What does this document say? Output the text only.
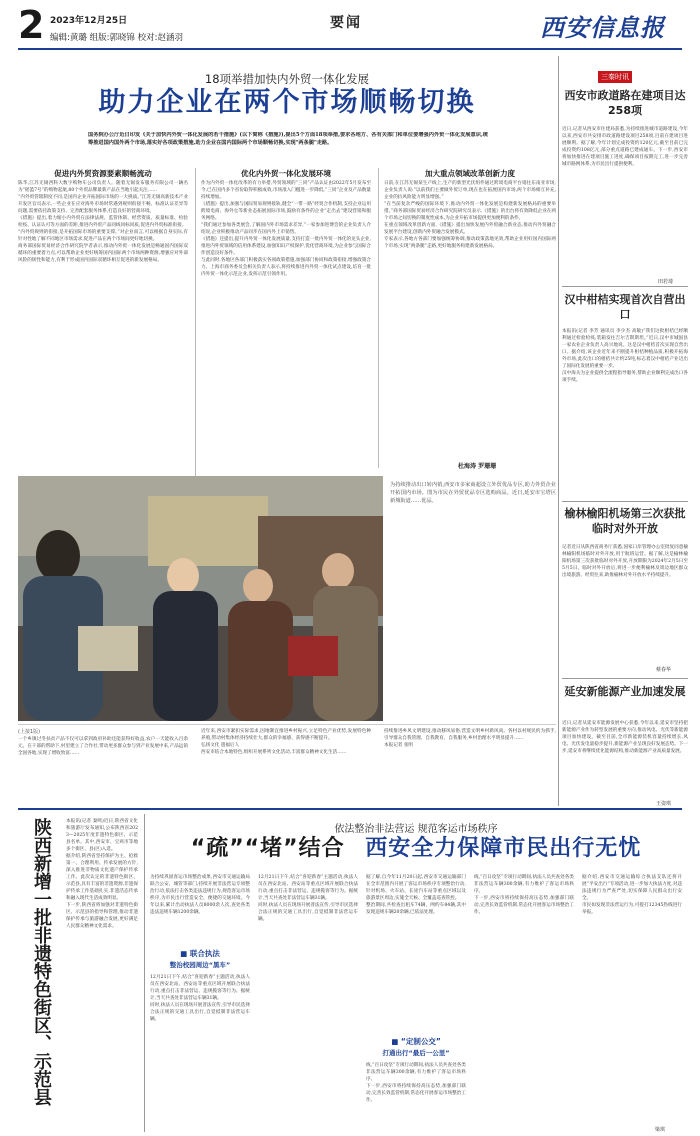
2 2023年12月25日
编辑:黄璐 组版:郭晓锦 校对:赵涵羽
要闻	西安信息报
18项举措加快内外贸一体化发展
助力企业在两个市场顺畅切换
国务院办公厅近日印发《关于加快内外贸一体化发展的若干措施》(以下简称《措施》),提出5个方面18项举措,要求各地方、各有关部门和单位要增强内外贸一体化发展意识,统筹推进国内国外两个市场,落实好各项政策措施,助力企业在国内国际两个市场顺畅切换,实现"两条腿"走路。
促进内外贸资源要素顺畅流动	优化内外贸一体化发展环境	加大重点领域改革创新力度
陈华,江苏无锡西科大数字购物车公司负责人。随着无锡发布服务有限公司一辆名为“摇篮7号”的购物起航,80个外贸品牌最新产品在当地引起关注……
“内外贸管辖制度不同,是国内企业开拓国际市场的一大挑战。”江苏无锡高新技术产业开发区官员表示,一些企业在应对海外市场时常遇到规则衔接不畅、标准认证差异等问题,需要依托政策支持、完善配套服务体系,打造良好的营商环境。
《措施》提出,着力缩小内外贸在法律法规、监管体制、经营资质、质量标准、检验检疫、认证认可等方面的差距,推进内外贸产品同线同标同质,促进内外贸标准衔接。
“内外贸规则的衔接,是开拓国际市场的重要支撑。”对企业而言,可以根据自身实际,有针对性地了解不同地区市场需求,促进产品在两个市场间更好地切换。
商务部国际贸易经济合作研究院学者表示,推动内外贸一体化发展是畅通国内国际双循环的重要着力点,可以帮助企业更好统筹国内国际两个市场两种资源,增强应对外部风险的韧性和能力,有利于形成国内国际双循环相互促进的新发展格局。
作为内外贸一体化改革的有力举措,外贸领域的“三同”产品认证由2022年5月发布至今,已在国内多个省份取得积极成效,市场准入门槛进一步降低,“三同”企业及产品数量持续增加。
《措施》提出,加强与国际贸易规则接轨,健全“一带一路”经贸合作机制,支持企业运用跨境电商、海外仓等新业态拓展国际市场,鼓励有条件的企业“走出去”建设营销和服务网络。
“我们通过参加各类展会,了解国内外市场需求差异,”一家参加进博会的企业负责人介绍说,企业积极推动产品同步在国内外上市销售。
《措施》还提出,提升内外贸一体化发展质量,支持打造一批内外贸一体化的龙头企业,推进内外贸领域的信用体系建设,加强知识产权保护,优化营商环境,为企业参与国际合作创造良好条件。
与此同时,各地区各部门积极落实各项政策措施,加强部门协同和政策衔接,增强政策合力。上海市商务委员会相关负责人表示,将持续推进内外贸一体化试点建设,培育一批内外贸一体化示范企业,发挥示范引领作用。
日前,在江苏无锡某生产线上,生产的新型光伏组件通过跨境电商平台销往东南亚市场,企业负责人说:“以前我们主要做外贸订单,现在也在拓展国内市场,两个市场相互补充,企业的抗风险能力明显增强。”
“在当前复杂严峻的国际环境下,推动内外贸一体化发展是构建新发展格局的重要举措。”商务部国际贸易经济合作研究院研究员表示,《措施》的出台将有效降低企业在两个市场之间切换的制度性成本,为企业开拓市场提供更加便利的条件。
在重点领域改革创新方面,《措施》提出加快发展内外贸融合新业态,推动内外贸融合发展平台建设,创新内外贸融合发展模式。
专家表示,各地方各部门要加强统筹协调,推动政策落地见效,帮助企业用好国内国际两个市场,实现“两条腿”走路,更好地服务构建新发展格局。
杜海涛 罗珊珊
为持续推动出口转内销,西安市多家商超设立外贸优品专区,助力外贸企业开拓国内市场。图为市民在外贸优品专区选购商品。近日,延安市宝塔区新城街道……优品。
(上接1版)
一个乡镇过冬扶贫产品不仅可以拿到政府补助还能获得好收益,农户一天能收入百余元。在干部的帮助下,村里建立了合作社,带动更多群众参与到产业发展中来,产品远销全国各地,实现了增收致富……
近年来,西安市紧扣实际需求,因地制宜推进乡村振兴,立足特色产业优势,发展特色种养殖,带动村集体经济持续壮大,群众的幸福感、获得感不断提升。
弘扬文化 遗福后人
西安市结合本地特色,组织开展系列文化活动,丰富群众精神文化生活……
持续推进乡风文明建设,推动移风易俗,营造文明乡村新风尚。各村以村规民约为抓手,引导群众自我管理、自我教育、自我服务,乡村治理水平明显提升……
本报记者 张明
三秦时讯
西安市政道路在建项目达258项
近日,记者从西安市住建局获悉,为持续推进城市道路建设,今年以来,西安市共安排市政道路建设项目258项,目前在建项目进展顺利。据了解,今年计划完成投资约120亿元,截至目前已完成投资约108亿元,部分重点道路已建成通车。下一步,西安市将加快推进在建项目施工进度,确保项目按期完工,进一步完善城市路网体系,为市民出行提供便利。
田若琦
汉中柑桔实现首次自营出口
本报讯(记者 李芳 通讯员 李少杰 高敏)“我们这批柑桔已经顺利通过检验检疫,装箱发往吉尔吉斯斯坦。”近日,汉中市城固县一家农业企业负责人高兴地说。这是汉中柑桔首次实现自营出口。据介绍,该企业近年来不断提升柑桔种植品质,积极开拓海外市场,此次出口的柑桔共计约25吨,标志着汉中柑桔产业迈出了国际化发展的重要一步。
汉中海关为企业提供全流程指导服务,帮助企业顺利完成出口各项手续。
榆林榆阳机场第三次获批临时对外开放
记者近日从陕西省商务厅获悉,国家口岸管理办公室批复同意榆林榆阳机场临时对外开放,用于航班运营。据了解,这是榆林榆阳机场第三次获批临时对外开放,开放期限为2024年2月5日至5月5日。临时对外开放后,将进一步便利榆林及周边地区群众出境旅游、经贸往来,助推榆林对外开放水平持续提升。
蔡春华
延安新能源产业加速发展
近日,记者从延安市能源发展中心获悉,今年以来,延安市坚持把新能源产业作为转型发展的重要方向,推动风电、光伏等新能源项目加快建设。截至目前,全市新能源装机容量持续增长,风电、光伏发电量稳步提升,新能源产业呈现良好发展态势。下一步,延安市将继续优化能源结构,推动新能源产业高质量发展。
王姿琪
陕西新增一批非遗特色街区、示范县	本报讯(记者 秦鸣)近日,陕西省文化和旅游厅发布通知,公布陕西省2023—2025年度非遗特色街区、示范县名单。其中,西安市、宝鸡市等地多个街区、县(区)入选。
据介绍,陕西省坚持保护为主、抢救第一、合理利用、传承发展的方针,深入推进非物质文化遗产保护传承工作。此次认定的非遗特色街区、示范县,具有丰富的非遗资源,非遗保护传承工作基础扎实,非遗活态传承和融入现代生活成效明显。
下一步,陕西省将加强对非遗特色街区、示范县的指导和管理,推动非遗保护传承与旅游融合发展,更好满足人民群众精神文化需求。
依法整治非法营运 规范客运市场秩序
“疏”“堵”结合 西安全力保障市民出行无忧
为持续巩固客运市场整治成果,西安市交通运输局联合公安、城管等部门,持续开展非法营运专项整治行动,依法打击各类违法违规行为,规范客运市场秩序,为市民出行营造安全、便捷的交通环境。今年以来,累计出动执法人员8000余人次,查处各类违法违规车辆1200余辆。
■ 联合执法
整治校园周边“黑车”
12月21日下午,结合“喜迎新春”主题活动,执法人员在西安北站、西安站等重点区域开展联合执法行动,重点打击非法营运、违规揽客等行为。据统计,当天共查处非法营运车辆31辆。
同时,执法人员在现场开展普法宣传,引导市民选择合法正规的交通工具出行,自觉抵制非法营运车辆。
12月21日下午,结合“喜迎新春”主题活动,执法人员在西安北站、西安站等重点区域开展联合执法行动,重点打击非法营运、违规揽客等行为。据统计,当天共查处非法营运车辆31辆。
同时,执法人员在现场开展普法宣传,引导市民选择合法正规的交通工具出行,自觉抵制非法营运车辆。
据了解,自今年11月20日起,西安市交通运输部门在全市范围内开展了客运市场秩序专项整治行动,针对机场、火车站、长途汽车站等重点区域以及旅游景区周边,实施全天候、全覆盖巡查管控。
整治期间,共检查出租车74辆、网约车84辆,其中发现违规车辆20余辆,已依法处理。
■ “定制公交”
打通出行“最后一公里”
线,“百日攻坚”专项行动期间,执法人员共查处各类非法营运车辆300余辆,有力维护了客运市场秩序。
下一步,西安市将持续保持高压态势,加强部门联动,完善长效监管机制,常态化开展客运市场整治工作。
线,“百日攻坚”专项行动期间,执法人员共查处各类非法营运车辆300余辆,有力维护了客运市场秩序。
下一步,西安市将持续保持高压态势,加强部门联动,完善长效监管机制,常态化开展客运市场整治工作。
据介绍,西安市交通运输综合执法支队还将开展“平安出行”专项活动,进一步加大执法力度,对违法违规行为严查严处,切实保障人民群众出行安全。
市民如发现非法营运行为,可拨打12345热线进行举报。
梁琪
